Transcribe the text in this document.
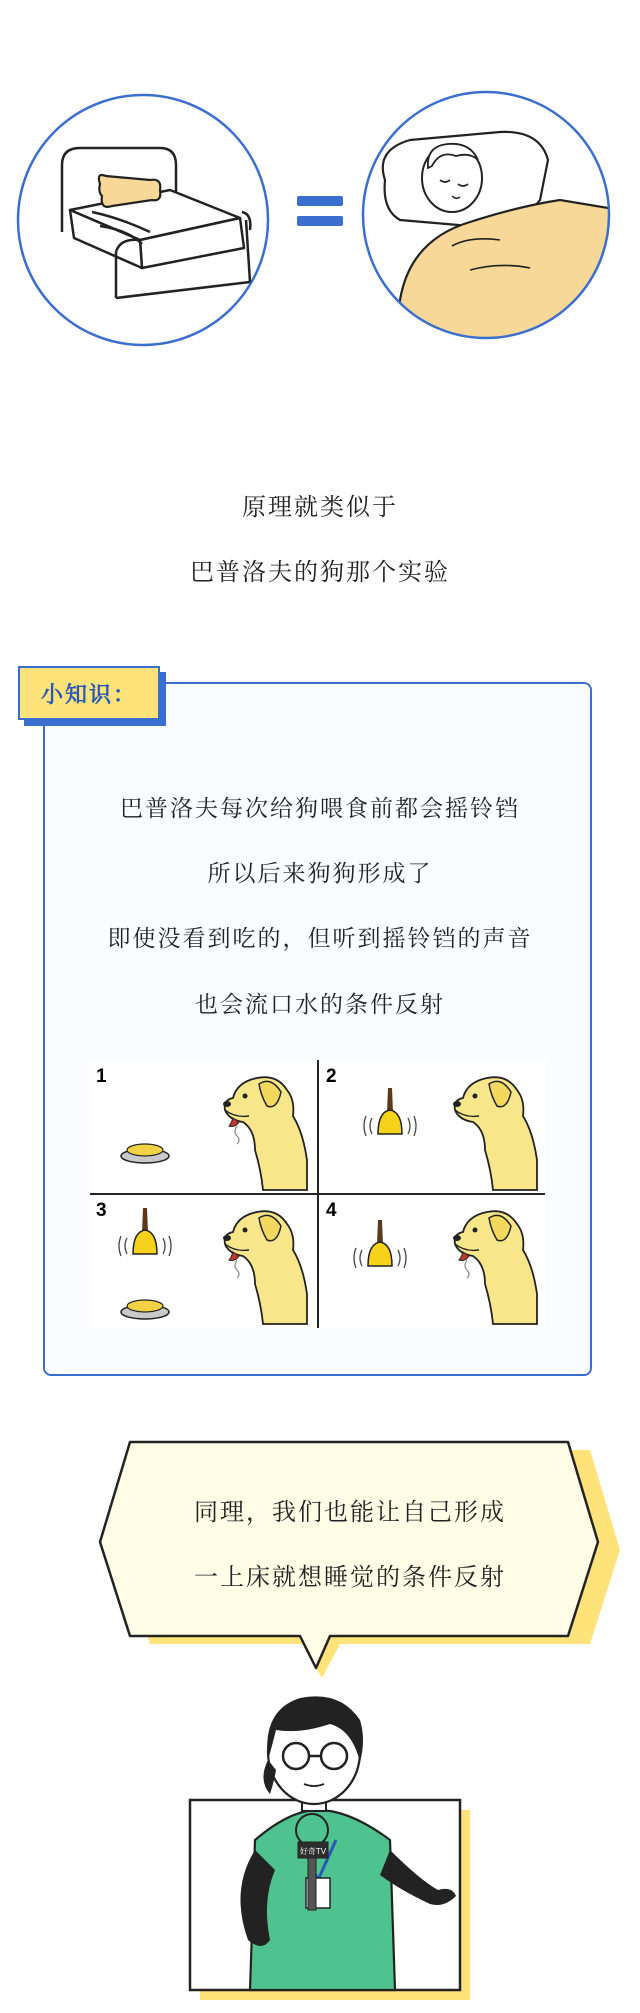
原理就类似于
巴普洛夫的狗那个实验
小知识：
巴普洛夫每次给狗喂食前都会摇铃铛
所以后来狗狗形成了
即使没看到吃的，但听到摇铃铛的声音
也会流口水的条件反射
1	2
3	4
同理，我们也能让自己形成
一上床就想睡觉的条件反射
好奇TV
